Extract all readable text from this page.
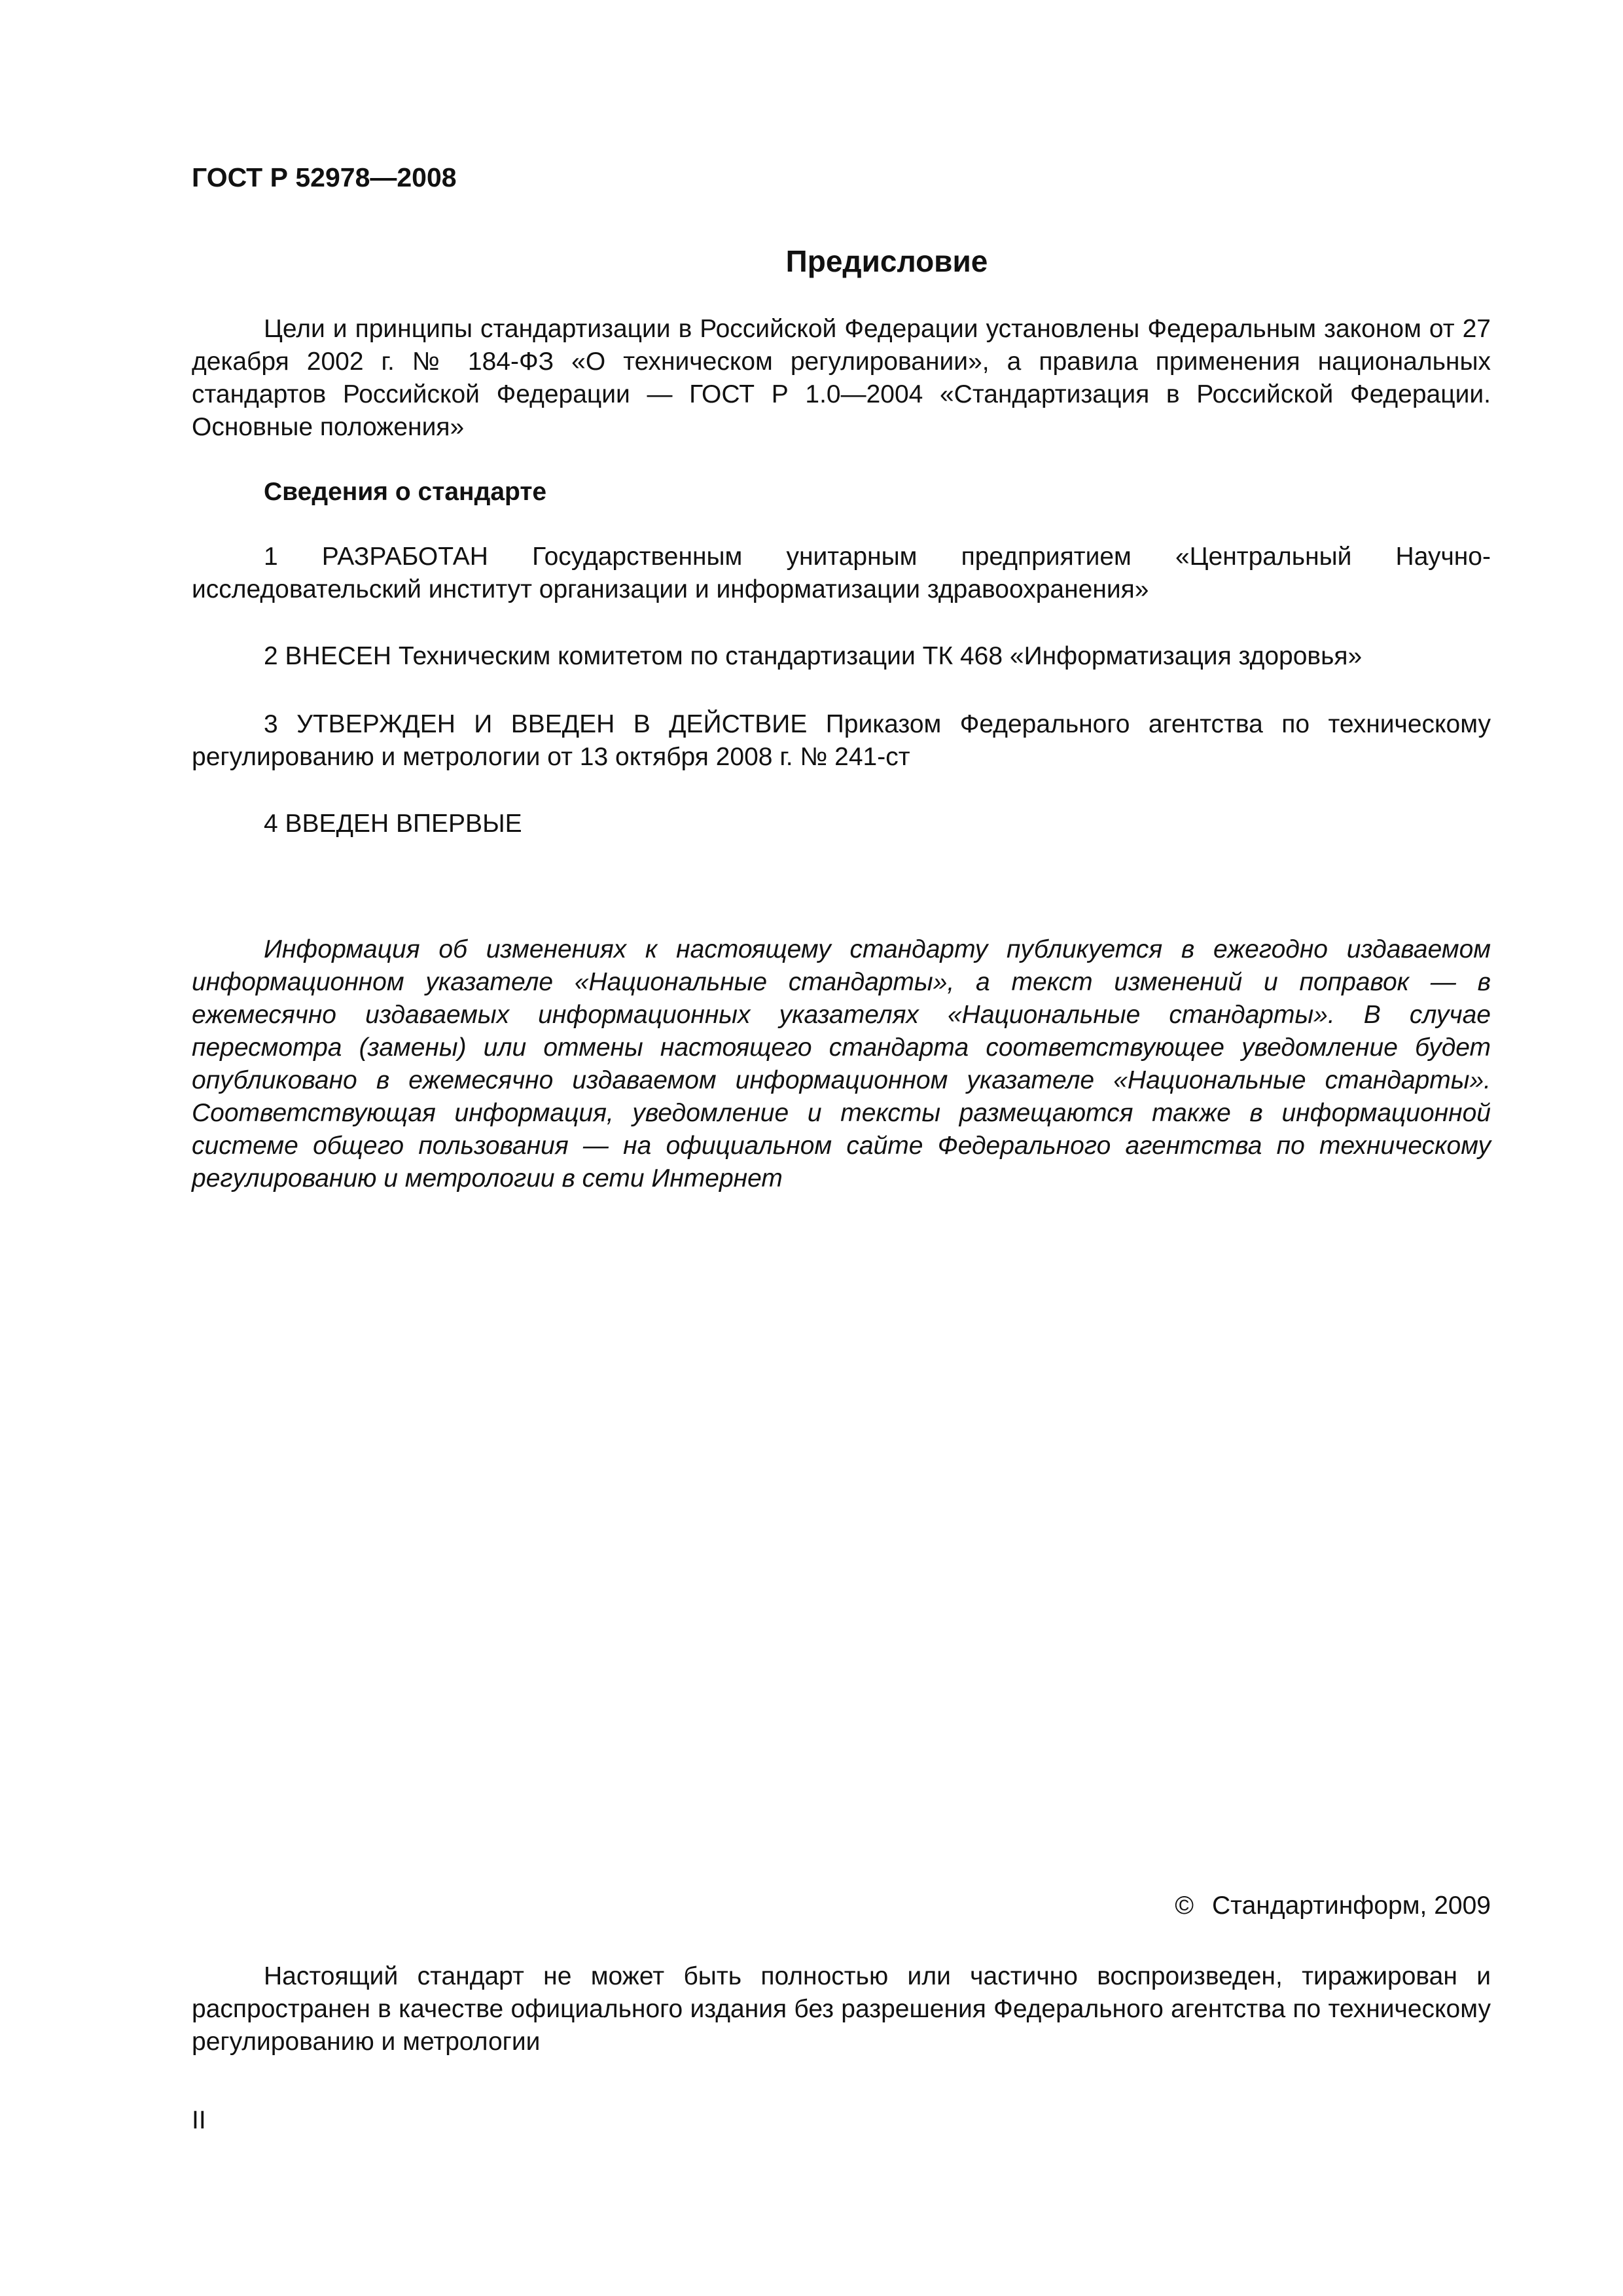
ГОСТ Р 52978—2008
Предисловие

Цели и принципы стандартизации в Российской Федерации установлены Федеральным законом от 27 декабря 2002 г. № 184-ФЗ «О техническом регулировании», а правила применения национальных стандартов Российской Федерации — ГОСТ Р 1.0—2004 «Стандартизация в Российской Федерации. Основные положения»

Сведения о стандарте

1 РАЗРАБОТАН Государственным унитарным предприятием «Центральный Научно-исследовательский институт организации и информатизации здравоохранения»

2 ВНЕСЕН Техническим комитетом по стандартизации ТК 468 «Информатизация здоровья»

3 УТВЕРЖДЕН И ВВЕДЕН В ДЕЙСТВИЕ Приказом Федерального агентства по техническому регулированию и метрологии от 13 октября 2008 г. № 241-ст

4 ВВЕДЕН ВПЕРВЫЕ

Информация об изменениях к настоящему стандарту публикуется в ежегодно издаваемом информационном указателе «Национальные стандарты», а текст изменений и поправок — в ежемесячно издаваемых информационных указателях «Национальные стандарты». В случае пересмотра (замены) или отмены настоящего стандарта соответствующее уведомление будет опубликовано в ежемесячно издаваемом информационном указателе «Национальные стандарты». Соответствующая информация, уведомление и тексты размещаются также в информационной системе общего пользования — на официальном сайте Федерального агентства по техническому регулированию и метрологии в сети Интернет

© Стандартинформ, 2009

Настоящий стандарт не может быть полностью или частично воспроизведен, тиражирован и распространен в качестве официального издания без разрешения Федерального агентства по техническому регулированию и метрологии

II
